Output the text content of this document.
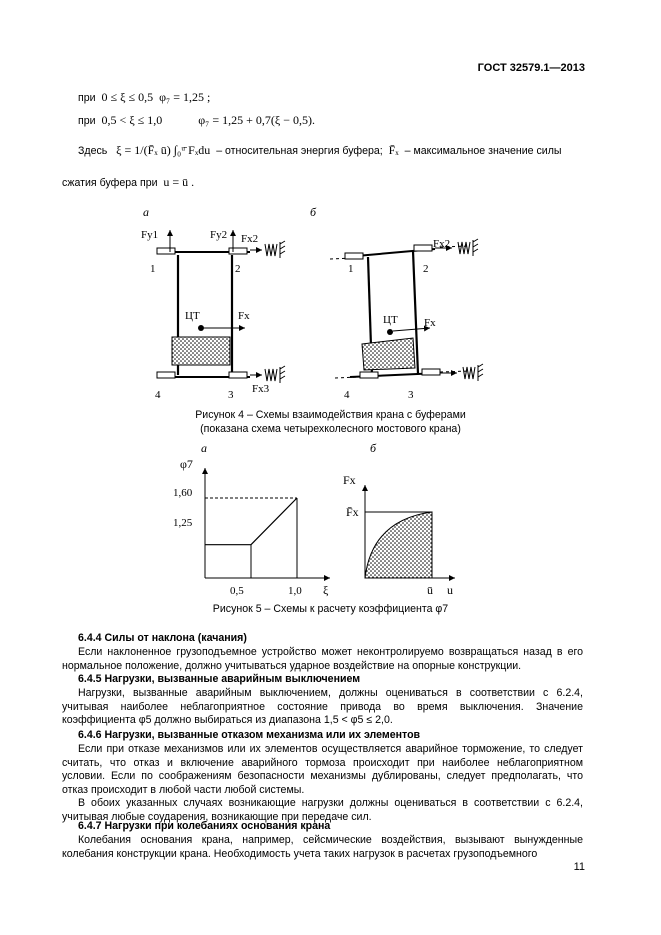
ГОСТ 32579.1—2013
при 0 ≤ ξ ≤ 0,5 φ₇ = 1,25 ;
при 0,5 < ξ ≤ 1,0	φ₇ = 1,25 + 0,7(ξ − 0,5).
Здесь ξ = 1/(F̄ₓ ū) ∫₀ᵘ̄ Fₓdu – относительная энергия буфера; F̄ₓ – максимальное значение силы
сжатия буфера при u = ū .
а	б
Fy1	Fy2 Fx2
ЦТ	Fx
Fx3
1	2
4	3
Fx2
ЦТ Fx
1	2
4	3
Рисунок 4 – Схемы взаимодействия крана с буферами
(показана схема четырехколесного мостового крана)
а	б
φ7
ξ
1,60
1,25
0,5	1,0
Fx
F̄x
ū u
Рисунок 5 – Схемы к расчету коэффициента φ7
6.4.4 Силы от наклона (качания)
Если наклоненное грузоподъемное устройство может неконтролируемо возвращаться назад в его нормальное положение, должно учитываться ударное воздействие на опорные конструкции.
6.4.5 Нагрузки, вызванные аварийным выключением
Нагрузки, вызванные аварийным выключением, должны оцениваться в соответствии с 6.2.4, учитывая наиболее неблагоприятное состояние привода во время выключения. Значение коэффициента φ5 должно выбираться из диапазона 1,5 < φ5 ≤ 2,0.
6.4.6 Нагрузки, вызванные отказом механизма или их элементов
Если при отказе механизмов или их элементов осуществляется аварийное торможение, то следует считать, что отказ и включение аварийного тормоза происходит при наиболее неблагоприятном условии. Если по соображениям безопасности механизмы дублированы, следует предполагать, что отказ происходит в любой части любой системы.
В обоих указанных случаях возникающие нагрузки должны оцениваться в соответствии с 6.2.4, учитывая любые соударения, возникающие при передаче сил.
6.4.7 Нагрузки при колебаниях основания крана
Колебания основания крана, например, сейсмические воздействия, вызывают вынужденные колебания конструкции крана. Необходимость учета таких нагрузок в расчетах грузоподъемного
11
